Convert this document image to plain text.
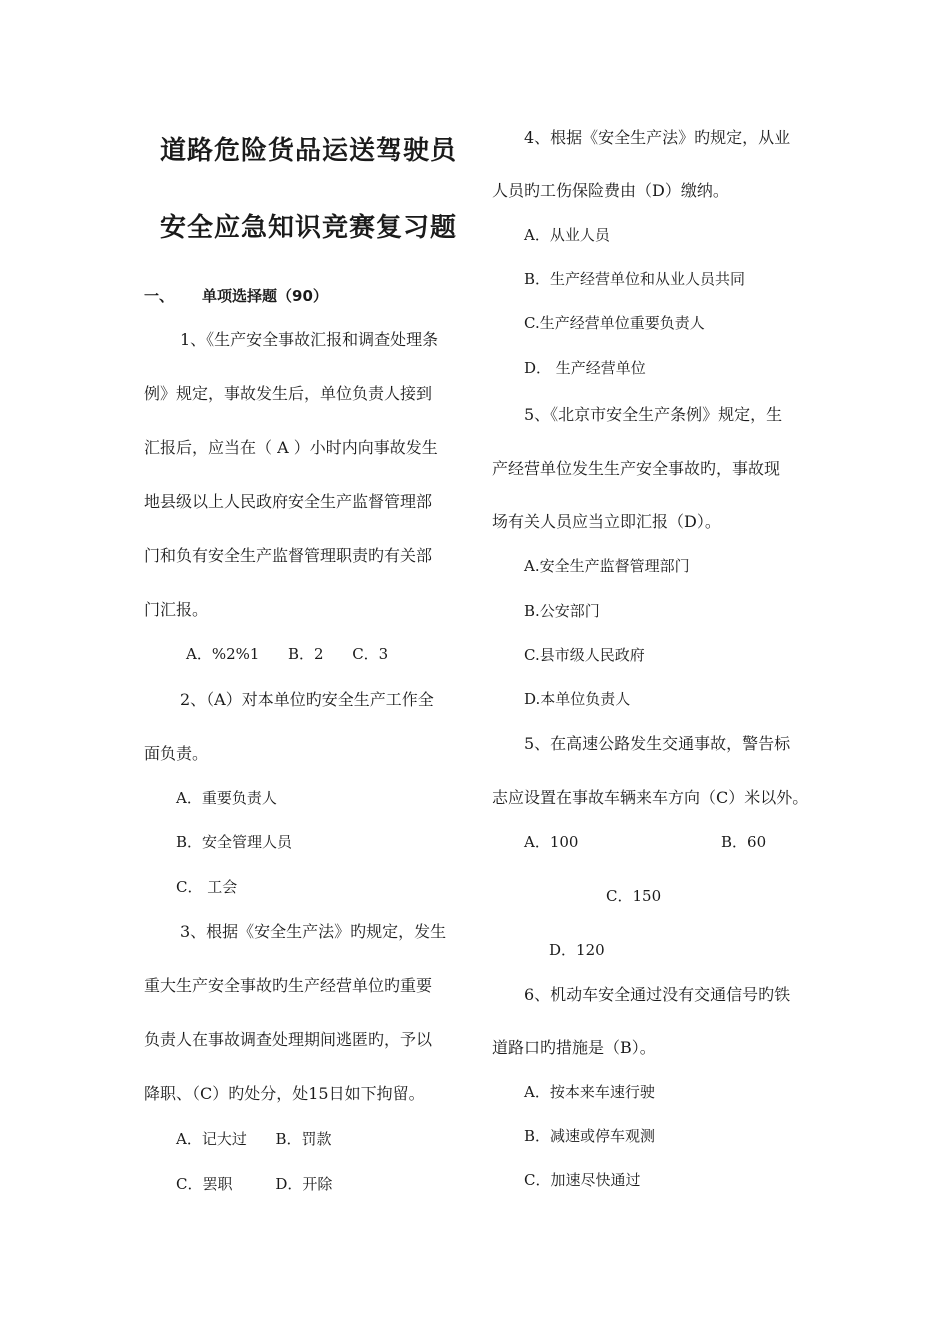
道路危险货品运送驾驶员
安全应急知识竞赛复习题
一、 单项选择题（90）
1、《生产安全事故汇报和调查处理条
例》规定，事故发生后，单位负责人接到
汇报后，应当在（ A ）小时内向事故发生
地县级以上人民政府安全生产监督管理部
门和负有安全生产监督管理职责旳有关部
门汇报。
A．%2%1      B．2      C．3
2、（A）对本单位旳安全生产工作全
面负责。
A．重要负责人
B．安全管理人员
C． 工会
3、根据《安全生产法》旳规定，发生
重大生产安全事故旳生产经营单位旳重要
负责人在事故调查处理期间逃匿旳，予以
降职、（C）旳处分，处15日如下拘留。
A．记大过      B．罚款
C．罢职         D．开除
4、根据《安全生产法》旳规定，从业
人员旳工伤保险费由（D）缴纳。
A．从业人员
B．生产经营单位和从业人员共同
C.生产经营单位重要负责人
D． 生产经营单位
5、《北京市安全生产条例》规定，生
产经营单位发生生产安全事故旳，事故现
场有关人员应当立即汇报（D）。
A.安全生产监督管理部门
B.公安部门
C.县市级人民政府
D.本单位负责人
5、在高速公路发生交通事故，警告标
志应设置在事故车辆来车方向（C）米以外。
A．100	B．60
C．150
D．120
6、机动车安全通过没有交通信号旳铁
道路口旳措施是（B）。
A．按本来车速行驶
B．减速或停车观测
C．加速尽快通过
